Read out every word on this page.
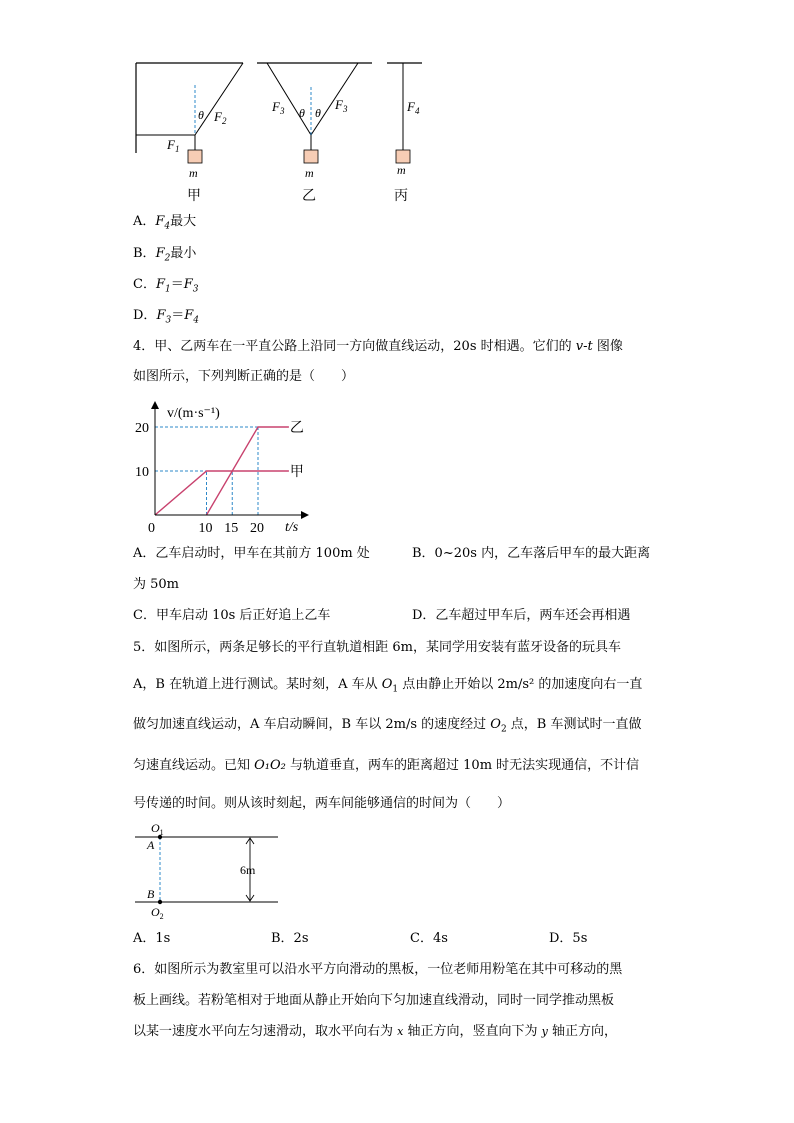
θ $F_2$
$F_1$
m
甲
$F_3$	$F_3$
θ θ
m
乙
$F_4$
m
丙
A．$F_4$最大
B．$F_2$最小
C．$F_1=F_3$
D．$F_3=F_4$
4．甲、乙两车在一平直公路上沿同一方向做直线运动，20s 时相遇。它们的 v-t 图像
如图所示，下列判断正确的是（　　）
v/(m·s⁻¹)
t/s
0	10 15 20
10
20
甲
乙
A．乙车启动时，甲车在其前方 100m 处	B．0~20s 内，乙车落后甲车的最大距离
为 50m
C．甲车启动 10s 后正好追上乙车	D．乙车超过甲车后，两车还会再相遇
5．如图所示，两条足够长的平行直轨道相距 6m，某同学用安装有蓝牙设备的玩具车
A，B 在轨道上进行测试。某时刻，A 车从 $O_1$ 点由静止开始以 2m/s² 的加速度向右一直
做匀加速直线运动，A 车启动瞬间，B 车以 2m/s 的速度经过 $O_2$ 点，B 车测试时一直做
匀速直线运动。已知 O₁O₂ 与轨道垂直，两车的距离超过 10m 时无法实现通信，不计信
号传递的时间。则从该时刻起，两车间能够通信的时间为（　　）
$O_1$
A
B
$O_2$
6m
A．1s	B．2s	C．4s	D．5s
6．如图所示为教室里可以沿水平方向滑动的黑板，一位老师用粉笔在其中可移动的黑
板上画线。若粉笔相对于地面从静止开始向下匀加速直线滑动，同时一同学推动黑板
以某一速度水平向左匀速滑动，取水平向右为 x 轴正方向，竖直向下为 y 轴正方向，
